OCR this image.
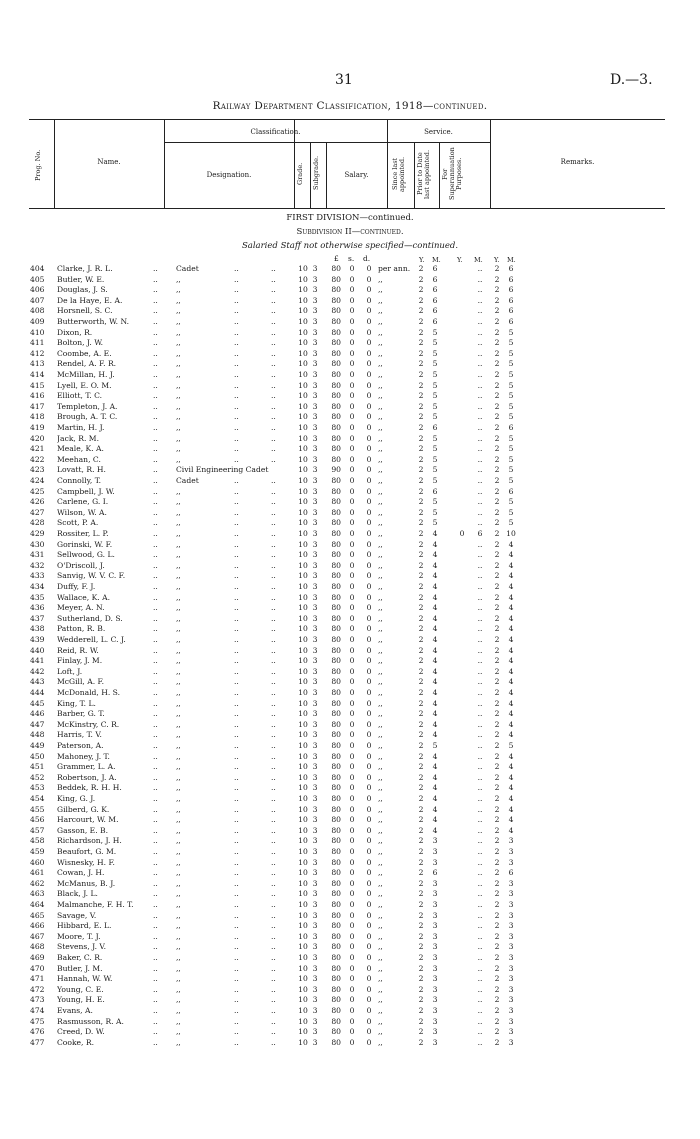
31	D.—3.
Railway Department Classification, 1918—continued.
Prog. No.	Name.
Classification.
Designation.	Grade.	Subgrade.	Salary.
Service.
Since last appointed.	Prior to Date last appointed.	For Superannuation Purposes.	Remarks.
FIRST DIVISION—continued.
Subdivision II—continued.
Salaried Staff not otherwise specified—continued.
£ s. d.	Y. M.	Y. M. Y. M.
404	Clarke, J. R. L.	.. Cadet	..	..	10 3	80 0 0 per ann. 2	6	..	2	6
405	Butler, W. E.	.. ,,	..	..	10 3	80 0 0 ,,	2	6	..	2	6
406	Douglas, J. S.	.. ,,	..	..	10 3	80 0 0 ,,	2	6	..	2	6
407	De la Haye, E. A.	.. ,,	..	..	10 3	80 0 0 ,,	2	6	..	2	6
408	Horsnell, S. C.	.. ,,	..	..	10 3	80 0 0 ,,	2	6	..	2	6
409	Butterworth, W. N.	.. ,,	..	..	10 3	80 0 0 ,,	2	6	..	2	6
410	Dixon, R.	.. ,,	..	..	10 3	80 0 0 ,,	2	5	..	2	5
411	Bolton, J. W.	.. ,,	..	..	10 3	80 0 0 ,,	2	5	..	2	5
412	Coombe, A. E.	.. ,,	..	..	10 3	80 0 0 ,,	2	5	..	2	5
413	Rendel, A. F. R.	.. ,,	..	..	10 3	80 0 0 ,,	2	5	..	2	5
414	McMillan, H. J.	.. ,,	..	..	10 3	80 0 0 ,,	2	5	..	2	5
415	Lyell, E. O. M.	.. ,,	..	..	10 3	80 0 0 ,,	2	5	..	2	5
416	Elliott, T. C.	.. ,,	..	..	10 3	80 0 0 ,,	2	5	..	2	5
417	Templeton, J. A.	.. ,,	..	..	10 3	80 0 0 ,,	2	5	..	2	5
418	Brough, A. T. C.	.. ,,	..	..	10 3	80 0 0 ,,	2	5	..	2	5
419	Martin, H. J.	.. ,,	..	..	10 3	80 0 0 ,,	2	6	..	2	6
420	Jack, R. M.	.. ,,	..	..	10 3	80 0 0 ,,	2	5	..	2	5
421	Meale, K. A.	.. ,,	..	..	10 3	80 0 0 ,,	2	5	..	2	5
422	Meehan, C.	.. ,,	..	..	10 3	80 0 0 ,,	2	5	..	2	5
423	Lovatt, R. H.	.. Civil Engineering Cadet	10 3	90 0 0 ,,	2	5	..	2	5
424	Connolly, T.	.. Cadet	..	..	10 3	80 0 0 ,,	2	5	..	2	5
425	Campbell, J. W.	.. ,,	..	..	10 3	80 0 0 ,,	2	6	..	2	6
426	Carlene, G. I.	.. ,,	..	..	10 3	80 0 0 ,,	2	5	..	2	5
427	Wilson, W. A.	.. ,,	..	..	10 3	80 0 0 ,,	2	5	..	2	5
428	Scott, P. A.	.. ,,	..	..	10 3	80 0 0 ,,	2	5	..	2	5
429	Rossiter, L. P.	.. ,,	..	..	10 3	80 0 0 ,,	2	4	0	6	2 10
430	Gorinski, W. F.	.. ,,	..	..	10 3	80 0 0 ,,	2	4	..	2	4
431	Sellwood, G. L.	.. ,,	..	..	10 3	80 0 0 ,,	2	4	..	2	4
432	O'Driscoll, J.	.. ,,	..	..	10 3	80 0 0 ,,	2	4	..	2	4
433	Sanvig, W. V. C. F.	.. ,,	..	..	10 3	80 0 0 ,,	2	4	..	2	4
434	Duffy, F. J.	.. ,,	..	..	10 3	80 0 0 ,,	2	4	..	2	4
435	Wallace, K. A.	.. ,,	..	..	10 3	80 0 0 ,,	2	4	..	2	4
436	Meyer, A. N.	.. ,,	..	..	10 3	80 0 0 ,,	2	4	..	2	4
437	Sutherland, D. S.	.. ,,	..	..	10 3	80 0 0 ,,	2	4	..	2	4
438	Patton, R. B.	.. ,,	..	..	10 3	80 0 0 ,,	2	4	..	2	4
439	Wedderell, L. C. J.	.. ,,	..	..	10 3	80 0 0 ,,	2	4	..	2	4
440	Reid, R. W.	.. ,,	..	..	10 3	80 0 0 ,,	2	4	..	2	4
441	Finlay, J. M.	.. ,,	..	..	10 3	80 0 0 ,,	2	4	..	2	4
442	Loft, J.	.. ,,	..	..	10 3	80 0 0 ,,	2	4	..	2	4
443	McGill, A. F.	.. ,,	..	..	10 3	80 0 0 ,,	2	4	..	2	4
444	McDonald, H. S.	.. ,,	..	..	10 3	80 0 0 ,,	2	4	..	2	4
445	King, T. L.	.. ,,	..	..	10 3	80 0 0 ,,	2	4	..	2	4
446	Barber, G. T.	.. ,,	..	..	10 3	80 0 0 ,,	2	4	..	2	4
447	McKinstry, C. R.	.. ,,	..	..	10 3	80 0 0 ,,	2	4	..	2	4
448	Harris, T. V.	.. ,,	..	..	10 3	80 0 0 ,,	2	4	..	2	4
449	Paterson, A.	.. ,,	..	..	10 3	80 0 0 ,,	2	5	..	2	5
450	Mahoney, J. T.	.. ,,	..	..	10 3	80 0 0 ,,	2	4	..	2	4
451	Grammer, L. A.	.. ,,	..	..	10 3	80 0 0 ,,	2	4	..	2	4
452	Robertson, J. A.	.. ,,	..	..	10 3	80 0 0 ,,	2	4	..	2	4
453	Beddek, R. H. H.	.. ,,	..	..	10 3	80 0 0 ,,	2	4	..	2	4
454	King, G. J.	.. ,,	..	..	10 3	80 0 0 ,,	2	4	..	2	4
455	Gilberd, G. K.	.. ,,	..	..	10 3	80 0 0 ,,	2	4	..	2	4
456	Harcourt, W. M.	.. ,,	..	..	10 3	80 0 0 ,,	2	4	..	2	4
457	Gasson, E. B.	.. ,,	..	..	10 3	80 0 0 ,,	2	4	..	2	4
458	Richardson, J. H.	.. ,,	..	..	10 3	80 0 0 ,,	2	3	..	2	3
459	Beaufort, G. M.	.. ,,	..	..	10 3	80 0 0 ,,	2	3	..	2	3
460	Wisnesky, H. F.	.. ,,	..	..	10 3	80 0 0 ,,	2	3	..	2	3
461	Cowan, J. H.	.. ,,	..	..	10 3	80 0 0 ,,	2	6	..	2	6
462	McManus, B. J.	.. ,,	..	..	10 3	80 0 0 ,,	2	3	..	2	3
463	Black, J. L.	.. ,,	..	..	10 3	80 0 0 ,,	2	3	..	2	3
464	Malmanche, F. H. T.	.. ,,	..	..	10 3	80 0 0 ,,	2	3	..	2	3
465	Savage, V.	.. ,,	..	..	10 3	80 0 0 ,,	2	3	..	2	3
466	Hibbard, E. L.	.. ,,	..	..	10 3	80 0 0 ,,	2	3	..	2	3
467	Moore, T. J.	.. ,,	..	..	10 3	80 0 0 ,,	2	3	..	2	3
468	Stevens, J. V.	.. ,,	..	..	10 3	80 0 0 ,,	2	3	..	2	3
469	Baker, C. R.	.. ,,	..	..	10 3	80 0 0 ,,	2	3	..	2	3
470	Butler, J. M.	.. ,,	..	..	10 3	80 0 0 ,,	2	3	..	2	3
471	Hannah, W. W.	.. ,,	..	..	10 3	80 0 0 ,,	2	3	..	2	3
472	Young, C. E.	.. ,,	..	..	10 3	80 0 0 ,,	2	3	..	2	3
473	Young, H. E.	.. ,,	..	..	10 3	80 0 0 ,,	2	3	..	2	3
474	Evans, A.	.. ,,	..	..	10 3	80 0 0 ,,	2	3	..	2	3
475	Rasmusson, R. A.	.. ,,	..	..	10 3	80 0 0 ,,	2	3	..	2	3
476	Creed, D. W.	.. ,,	..	..	10 3	80 0 0 ,,	2	3	..	2	3
477	Cooke, R.	.. ,,	..	..	10 3	80 0 0 ,,	2	3	..	2	3
